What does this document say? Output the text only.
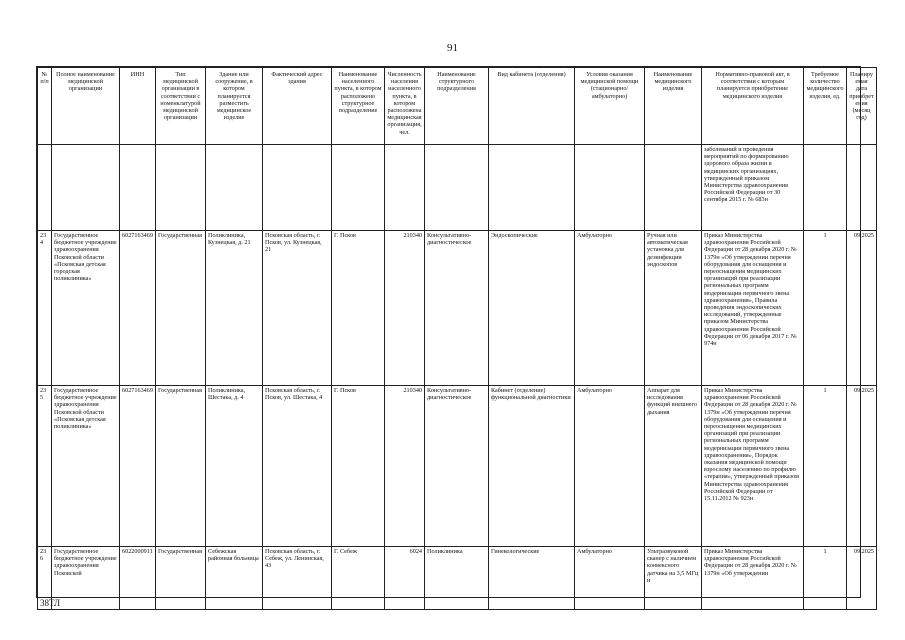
91
№ п/п	Полное наименование медицинской организации	ИНН	Тип медицинской организации в соответствии с номенклатурой медицинской организации	Здание или сооружение, в котором планируется разместить медицинское изделие	Фактический адрес здания	Наименование населенного пункта, в котором расположено структурное подразделение	Численность населения населенного пункта, в котором расположена медицинская организация, чел.	Наименование структурного подразделения	Вид кабинета (отделения)	Условия оказания медицинской помощи (стационарно/ амбулаторно)	Наименование медицинского изделия	Нормативно-правовой акт, в соответствии с которым планируется приобретение медицинского изделия	Требуемое количество медицинского изделия, ед.	Планируемая дата приобретения (месяц год)
												заболеваний и проведения мероприятий по формированию здорового образа жизни в медицинских организациях, утвержденный приказом Министерства здравоохранения Российской Федерации от 30 сентября 2015 г. № 683н		
234	Государственное бюджетное учреждение здравоохранения Псковской области «Псковская детская городская поликлиника»	6027163469	Государственная	Поликлиника, Кузнецкая, д. 21	Псковская область, г. Псков, ул. Кузнецкая, 21	Г. Псков	210340	Консультативно-диагностическое	Эндоскопические	Амбулаторно	Ручная или автоматическая установка для дезинфекции эндоскопов	Приказ Министерства здравоохранения Российской Федерации от 28 декабря 2020 г. № 1379н «Об утверждении перечня оборудования для оснащения и переоснащения медицинских организаций при реализации региональных программ модернизации первичного звена здравоохранения», Правила проведения эндоскопических исследований, утвержденные приказом Министерства здравоохранения Российской Федерации от 06 декабря 2017 г. № 974н	1	09.2025
235	Государственное бюджетное учреждение здравоохранения Псковской области «Псковская детская поликлиника»	6027163469	Государственная	Поликлиника, Шестака, д. 4	Псковская область, г. Псков, ул. Шестака, 4	Г. Псков	210340	Консультативно-диагностическое	Кабинет (отделение) функциональной диагностики	Амбулаторно	Аппарат для исследования функций внешнего дыхания	Приказ Министерства здравоохранения Российской Федерации от 28 декабря 2020 г. № 1379н «Об утверждении перечня оборудования для оснащения и переоснащения медицинских организаций при реализации региональных программ модернизации первичного звена здравоохранения», Порядок оказания медицинской помощи взрослому населению по профилю «терапия», утвержденный приказом Министерства здравоохранения Российской Федерации от 15.11.2012 № 923н	1	09.2025
236	Государственное бюджетное учреждение здравоохранения Псковской	6022000911	Государственная	Себежская районная больница	Псковская область, г. Себеж, ул. Ленинская, 43	Г. Себеж	6024	Поликлиника	Гинекологические	Амбулаторно	Ультразвуковой сканер с наличием конвексного датчика на 3,5 МГц и	Приказ Министерства здравоохранения Российской Федерации от 28 декабря 2020 г. № 1379н «Об утверждении	1	09.2025
38ТЛ
